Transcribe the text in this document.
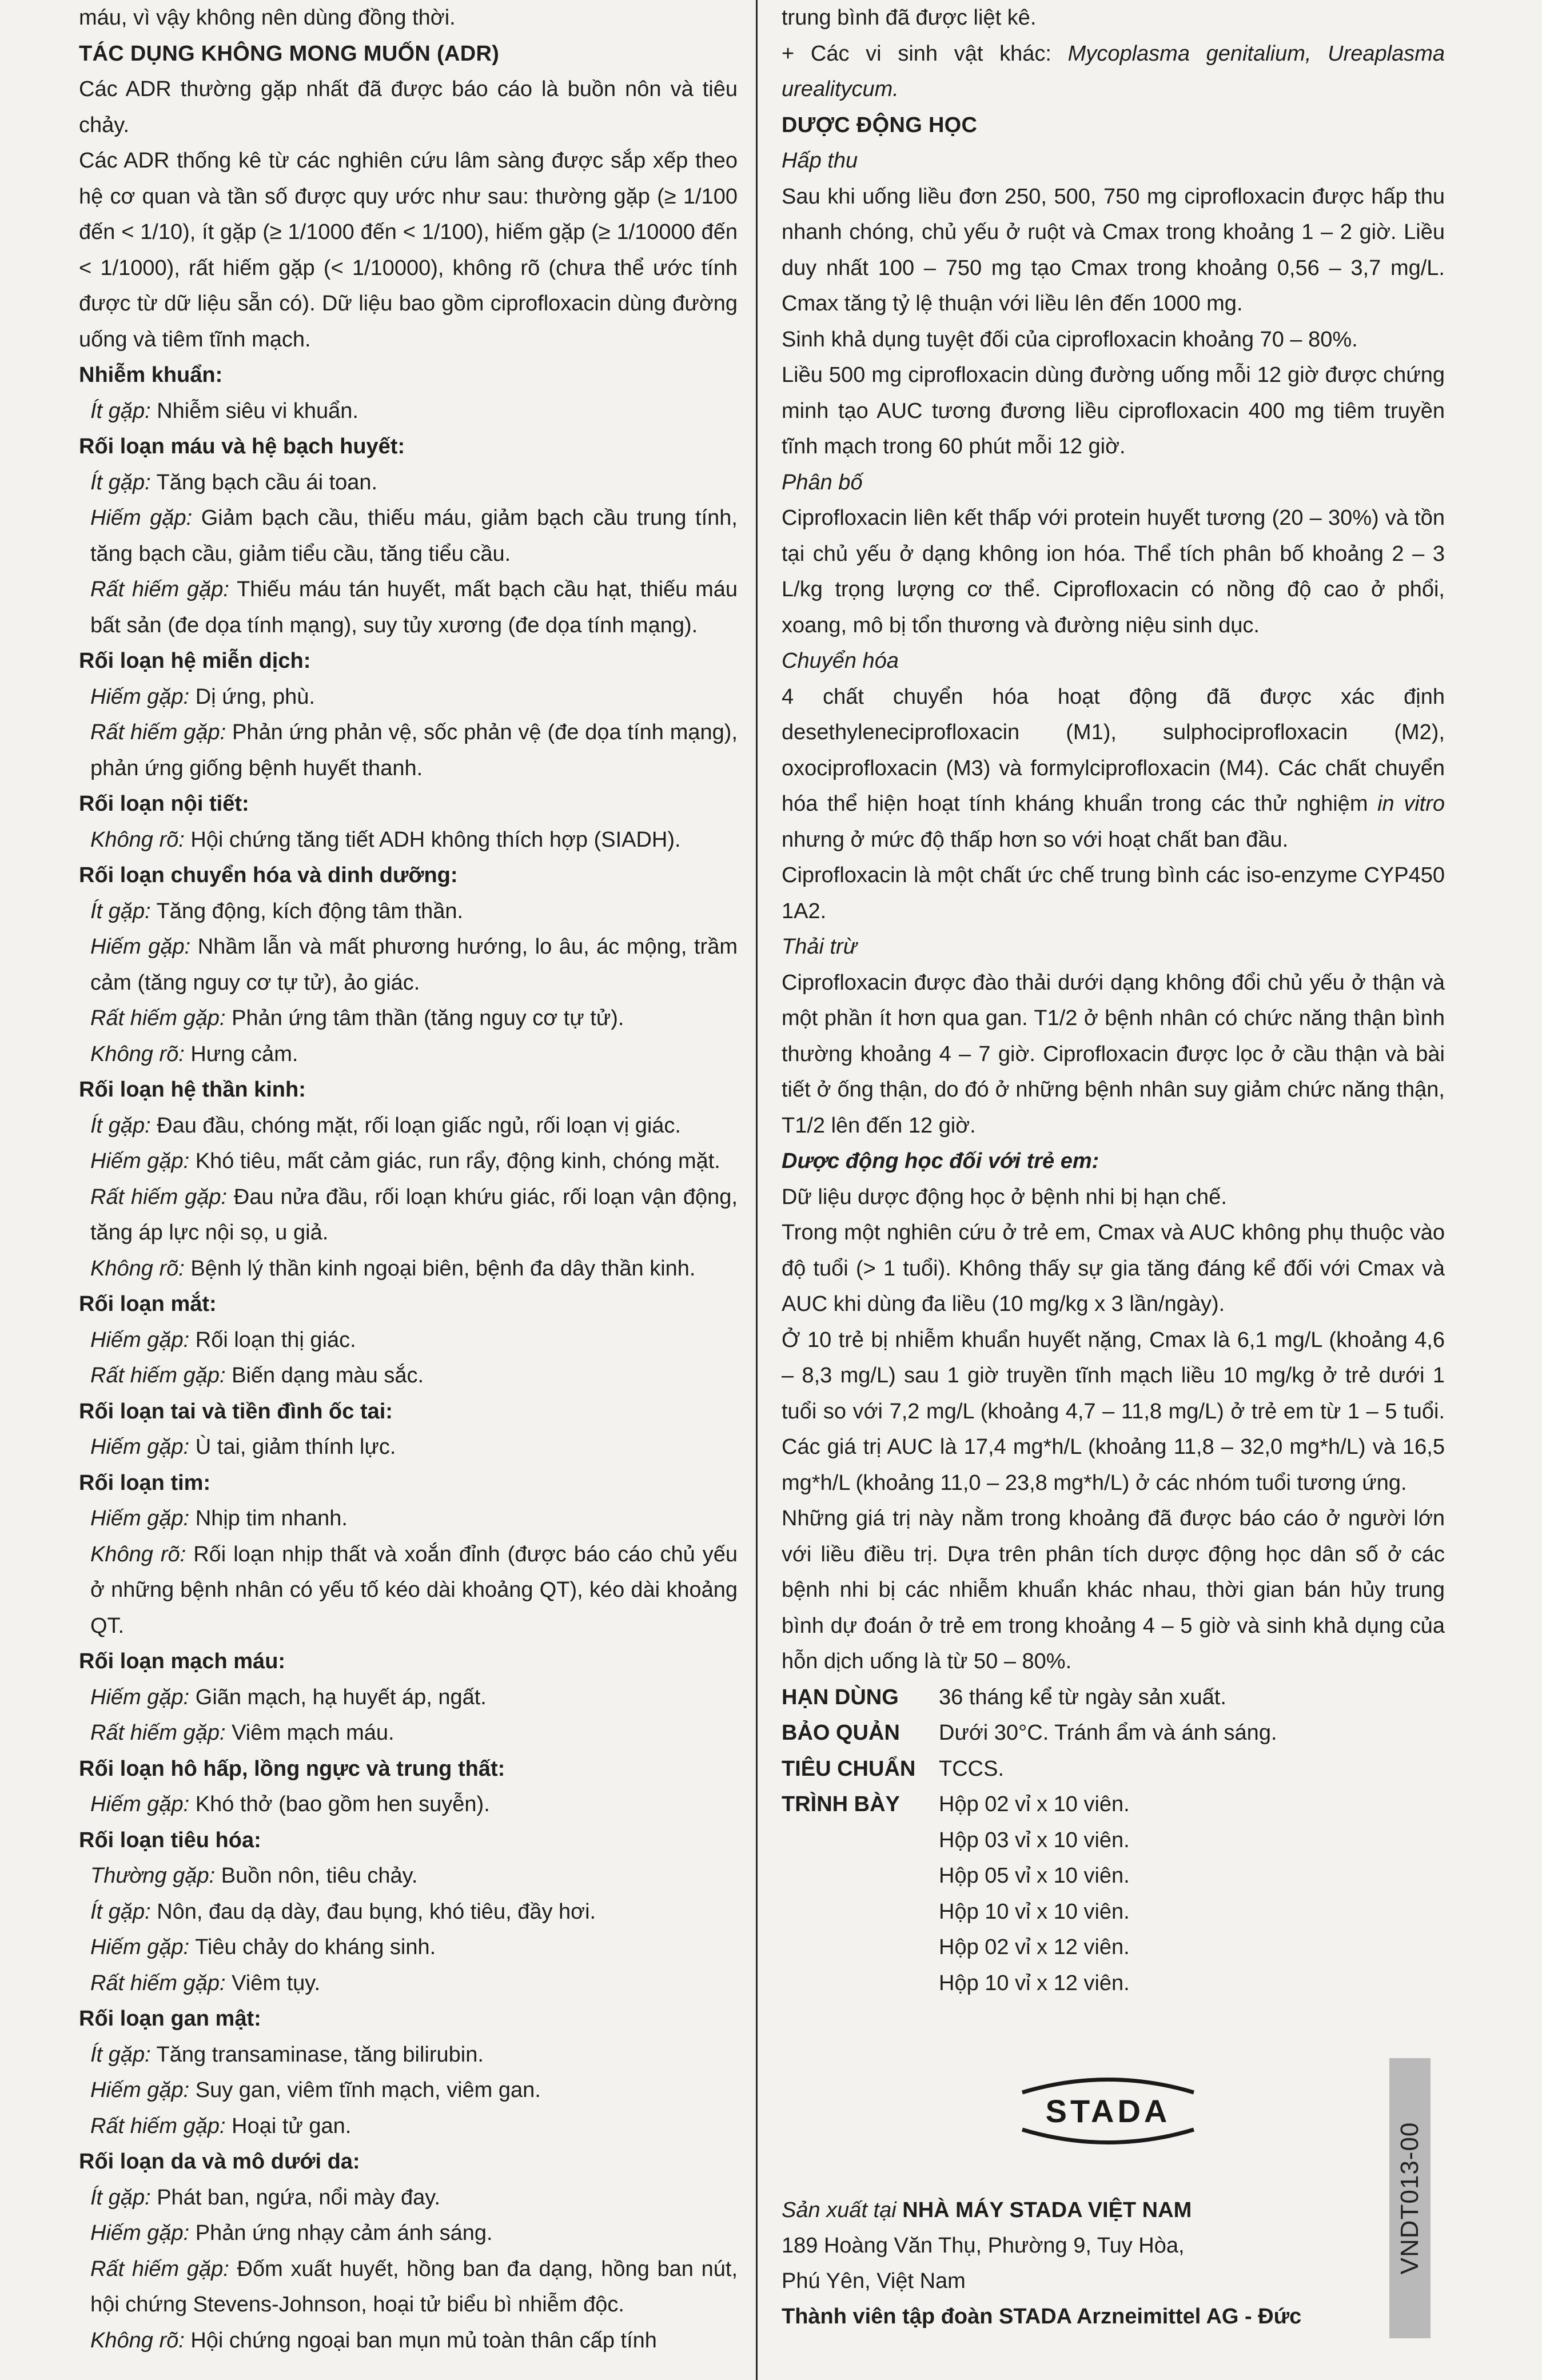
máu, vì vậy không nên dùng đồng thời.

TÁC DỤNG KHÔNG MONG MUỐN (ADR)

Các ADR thường gặp nhất đã được báo cáo là buồn nôn và tiêu chảy.

Các ADR thống kê từ các nghiên cứu lâm sàng được sắp xếp theo hệ cơ quan và tần số được quy ước như sau: thường gặp (≥ 1/100 đến < 1/10), ít gặp (≥ 1/1000 đến < 1/100), hiếm gặp (≥ 1/10000 đến < 1/1000), rất hiếm gặp (< 1/10000), không rõ (chưa thể ước tính được từ dữ liệu sẵn có). Dữ liệu bao gồm ciprofloxacin dùng đường uống và tiêm tĩnh mạch.

Nhiễm khuẩn:

Ít gặp: Nhiễm siêu vi khuẩn.

Rối loạn máu và hệ bạch huyết:

Ít gặp: Tăng bạch cầu ái toan.

Hiếm gặp: Giảm bạch cầu, thiếu máu, giảm bạch cầu trung tính, tăng bạch cầu, giảm tiểu cầu, tăng tiểu cầu.

Rất hiếm gặp: Thiếu máu tán huyết, mất bạch cầu hạt, thiếu máu bất sản (đe dọa tính mạng), suy tủy xương (đe dọa tính mạng).

Rối loạn hệ miễn dịch:

Hiếm gặp: Dị ứng, phù.

Rất hiếm gặp: Phản ứng phản vệ, sốc phản vệ (đe dọa tính mạng), phản ứng giống bệnh huyết thanh.

Rối loạn nội tiết:

Không rõ: Hội chứng tăng tiết ADH không thích hợp (SIADH).

Rối loạn chuyển hóa và dinh dưỡng:

Ít gặp: Tăng động, kích động tâm thần.

Hiếm gặp: Nhầm lẫn và mất phương hướng, lo âu, ác mộng, trầm cảm (tăng nguy cơ tự tử), ảo giác.

Rất hiếm gặp: Phản ứng tâm thần (tăng nguy cơ tự tử).

Không rõ: Hưng cảm.

Rối loạn hệ thần kinh:

Ít gặp: Đau đầu, chóng mặt, rối loạn giấc ngủ, rối loạn vị giác.

Hiếm gặp: Khó tiêu, mất cảm giác, run rẩy, động kinh, chóng mặt.

Rất hiếm gặp: Đau nửa đầu, rối loạn khứu giác, rối loạn vận động, tăng áp lực nội sọ, u giả.

Không rõ: Bệnh lý thần kinh ngoại biên, bệnh đa dây thần kinh.

Rối loạn mắt:

Hiếm gặp: Rối loạn thị giác.

Rất hiếm gặp: Biến dạng màu sắc.

Rối loạn tai và tiền đình ốc tai:

Hiếm gặp: Ù tai, giảm thính lực.

Rối loạn tim:

Hiếm gặp: Nhịp tim nhanh.

Không rõ: Rối loạn nhịp thất và xoắn đỉnh (được báo cáo chủ yếu ở những bệnh nhân có yếu tố kéo dài khoảng QT), kéo dài khoảng QT.

Rối loạn mạch máu:

Hiếm gặp: Giãn mạch, hạ huyết áp, ngất.

Rất hiếm gặp: Viêm mạch máu.

Rối loạn hô hấp, lồng ngực và trung thất:

Hiếm gặp: Khó thở (bao gồm hen suyễn).

Rối loạn tiêu hóa:

Thường gặp: Buồn nôn, tiêu chảy.

Ít gặp: Nôn, đau dạ dày, đau bụng, khó tiêu, đầy hơi.

Hiếm gặp: Tiêu chảy do kháng sinh.

Rất hiếm gặp: Viêm tụy.

Rối loạn gan mật:

Ít gặp: Tăng transaminase, tăng bilirubin.

Hiếm gặp: Suy gan, viêm tĩnh mạch, viêm gan.

Rất hiếm gặp: Hoại tử gan.

Rối loạn da và mô dưới da:

Ít gặp: Phát ban, ngứa, nổi mày đay.

Hiếm gặp: Phản ứng nhạy cảm ánh sáng.

Rất hiếm gặp: Đốm xuất huyết, hồng ban đa dạng, hồng ban nút, hội chứng Stevens-Johnson, hoại tử biểu bì nhiễm độc.

Không rõ: Hội chứng ngoại ban mụn mủ toàn thân cấp tính

trung bình đã được liệt kê.

+ Các vi sinh vật khác: Mycoplasma genitalium, Ureaplasma urealitycum.

DƯỢC ĐỘNG HỌC

Hấp thu

Sau khi uống liều đơn 250, 500, 750 mg ciprofloxacin được hấp thu nhanh chóng, chủ yếu ở ruột và Cmax trong khoảng 1 – 2 giờ. Liều duy nhất 100 – 750 mg tạo Cmax trong khoảng 0,56 – 3,7 mg/L. Cmax tăng tỷ lệ thuận với liều lên đến 1000 mg.

Sinh khả dụng tuyệt đối của ciprofloxacin khoảng 70 – 80%.

Liều 500 mg ciprofloxacin dùng đường uống mỗi 12 giờ được chứng minh tạo AUC tương đương liều ciprofloxacin 400 mg tiêm truyền tĩnh mạch trong 60 phút mỗi 12 giờ.

Phân bố

Ciprofloxacin liên kết thấp với protein huyết tương (20 – 30%) và tồn tại chủ yếu ở dạng không ion hóa. Thể tích phân bố khoảng 2 – 3 L/kg trọng lượng cơ thể. Ciprofloxacin có nồng độ cao ở phổi, xoang, mô bị tổn thương và đường niệu sinh dục.

Chuyển hóa

4 chất chuyển hóa hoạt động đã được xác định desethyleneciprofloxacin (M1), sulphociprofloxacin (M2), oxociprofloxacin (M3) và formylciprofloxacin (M4). Các chất chuyển hóa thể hiện hoạt tính kháng khuẩn trong các thử nghiệm in vitro nhưng ở mức độ thấp hơn so với hoạt chất ban đầu.

Ciprofloxacin là một chất ức chế trung bình các iso-enzyme CYP450 1A2.

Thải trừ

Ciprofloxacin được đào thải dưới dạng không đổi chủ yếu ở thận và một phần ít hơn qua gan. T1/2 ở bệnh nhân có chức năng thận bình thường khoảng 4 – 7 giờ. Ciprofloxacin được lọc ở cầu thận và bài tiết ở ống thận, do đó ở những bệnh nhân suy giảm chức năng thận, T1/2 lên đến 12 giờ.

Dược động học đối với trẻ em:

Dữ liệu dược động học ở bệnh nhi bị hạn chế.

Trong một nghiên cứu ở trẻ em, Cmax và AUC không phụ thuộc vào độ tuổi (> 1 tuổi). Không thấy sự gia tăng đáng kể đối với Cmax và AUC khi dùng đa liều (10 mg/kg x 3 lần/ngày).

Ở 10 trẻ bị nhiễm khuẩn huyết nặng, Cmax là 6,1 mg/L (khoảng 4,6 – 8,3 mg/L) sau 1 giờ truyền tĩnh mạch liều 10 mg/kg ở trẻ dưới 1 tuổi so với 7,2 mg/L (khoảng 4,7 – 11,8 mg/L) ở trẻ em từ 1 – 5 tuổi. Các giá trị AUC là 17,4 mg*h/L (khoảng 11,8 – 32,0 mg*h/L) và 16,5 mg*h/L (khoảng 11,0 – 23,8 mg*h/L) ở các nhóm tuổi tương ứng.

Những giá trị này nằm trong khoảng đã được báo cáo ở người lớn với liều điều trị. Dựa trên phân tích dược động học dân số ở các bệnh nhi bị các nhiễm khuẩn khác nhau, thời gian bán hủy trung bình dự đoán ở trẻ em trong khoảng 4 – 5 giờ và sinh khả dụng của hỗn dịch uống là từ 50 – 80%.

HẠN DÙNG	36 tháng kể từ ngày sản xuất.
BẢO QUẢN	Dưới 30°C. Tránh ẩm và ánh sáng.
TIÊU CHUẨN	TCCS.
TRÌNH BÀY	Hộp 02 vỉ x 10 viên.
Hộp 03 vỉ x 10 viên.
Hộp 05 vỉ x 10 viên.
Hộp 10 vỉ x 10 viên.
Hộp 02 vỉ x 12 viên.
Hộp 10 vỉ x 12 viên.
STADA
Sản xuất tại NHÀ MÁY STADA VIỆT NAM
189 Hoàng Văn Thụ, Phường 9, Tuy Hòa,
Phú Yên, Việt Nam
Thành viên tập đoàn STADA Arzneimittel AG - Đức
VNDT013-00
